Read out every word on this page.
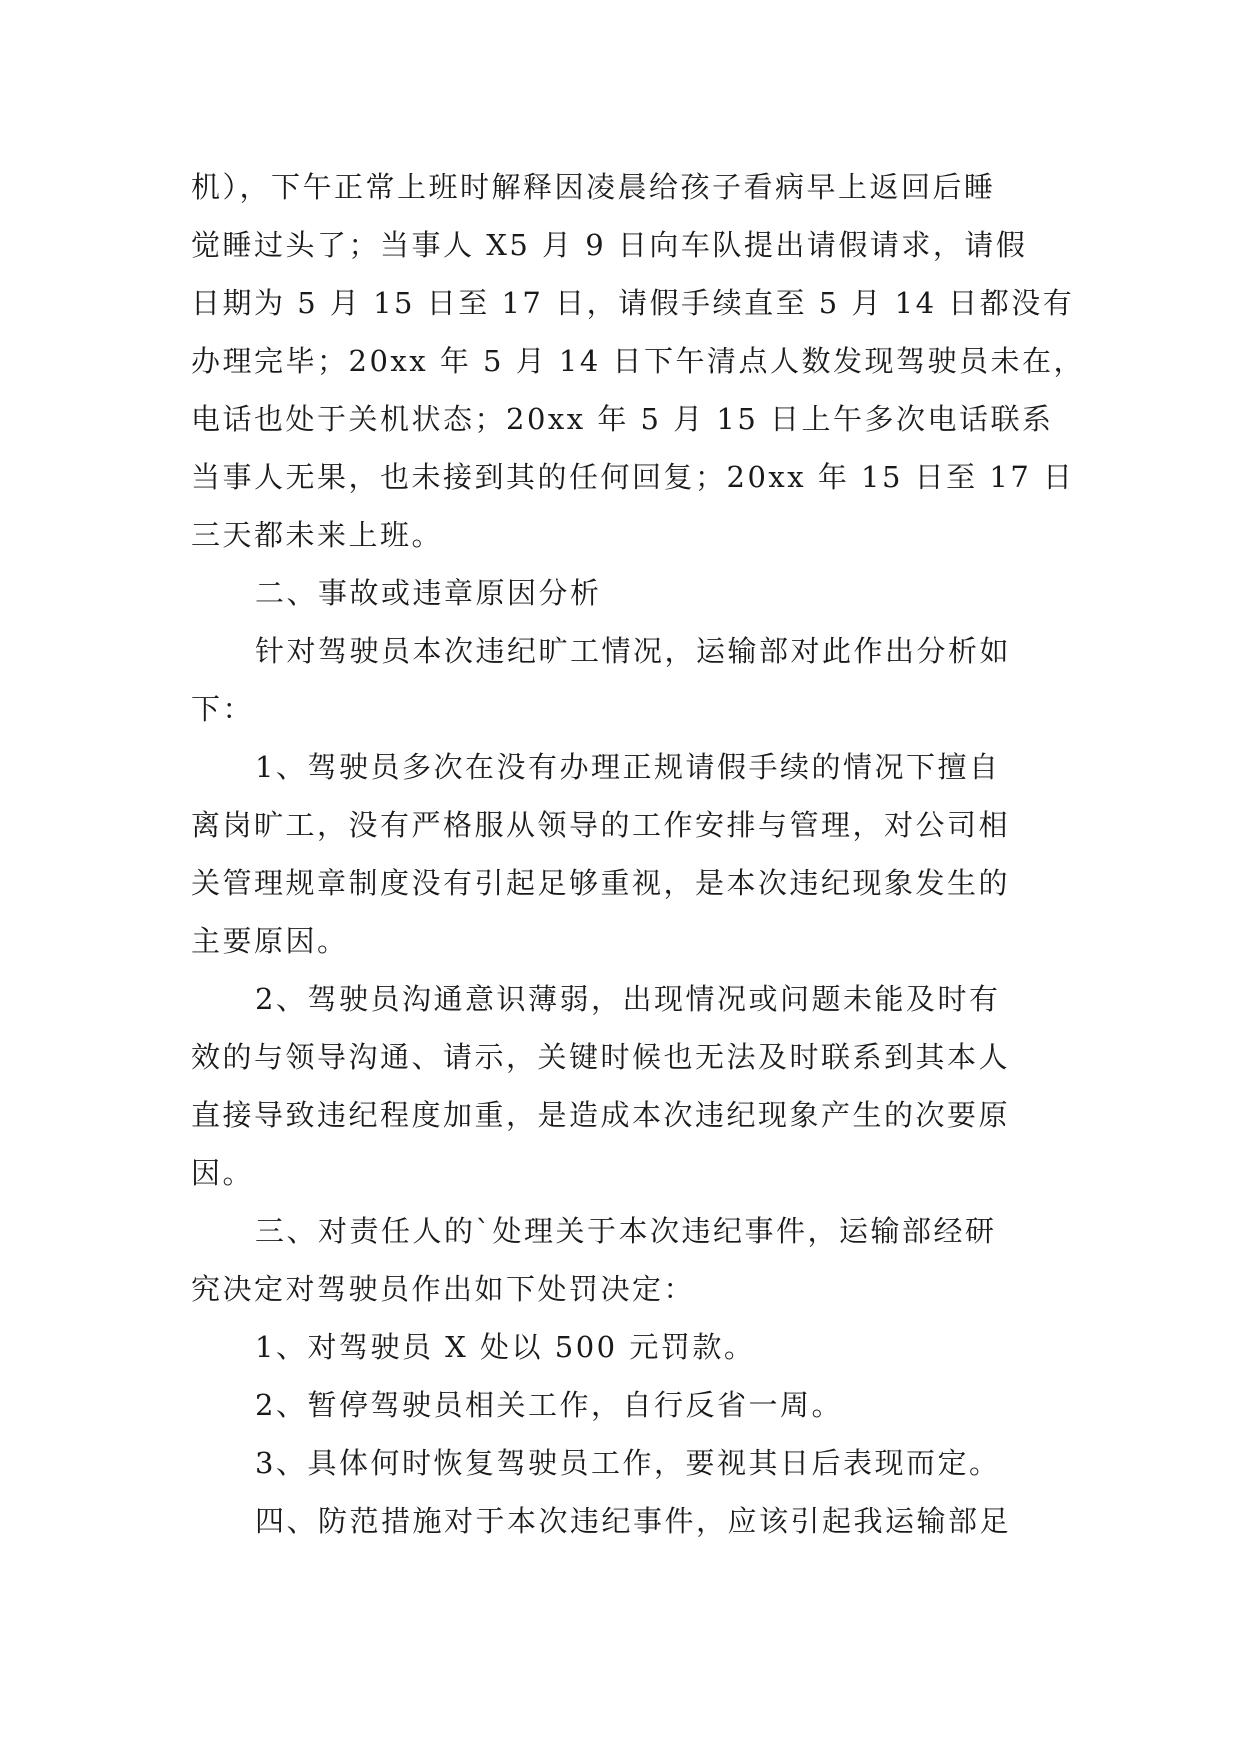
机），下午正常上班时解释因凌晨给孩子看病早上返回后睡
觉睡过头了；当事人 X5 月 9 日向车队提出请假请求，请假
日期为 5 月 15 日至 17 日，请假手续直至 5 月 14 日都没有
办理完毕；20xx 年 5 月 14 日下午清点人数发现驾驶员未在，
电话也处于关机状态；20xx 年 5 月 15 日上午多次电话联系
当事人无果，也未接到其的任何回复；20xx 年 15 日至 17 日
三天都未来上班。
二、事故或违章原因分析
针对驾驶员本次违纪旷工情况，运输部对此作出分析如
下：
1、驾驶员多次在没有办理正规请假手续的情况下擅自
离岗旷工，没有严格服从领导的工作安排与管理，对公司相
关管理规章制度没有引起足够重视，是本次违纪现象发生的
主要原因。
2、驾驶员沟通意识薄弱，出现情况或问题未能及时有
效的与领导沟通、请示，关键时候也无法及时联系到其本人
直接导致违纪程度加重，是造成本次违纪现象产生的次要原
因。
三、对责任人的`处理关于本次违纪事件，运输部经研
究决定对驾驶员作出如下处罚决定：
1、对驾驶员 X 处以 500 元罚款。
2、暂停驾驶员相关工作，自行反省一周。
3、具体何时恢复驾驶员工作，要视其日后表现而定。
四、防范措施对于本次违纪事件，应该引起我运输部足
